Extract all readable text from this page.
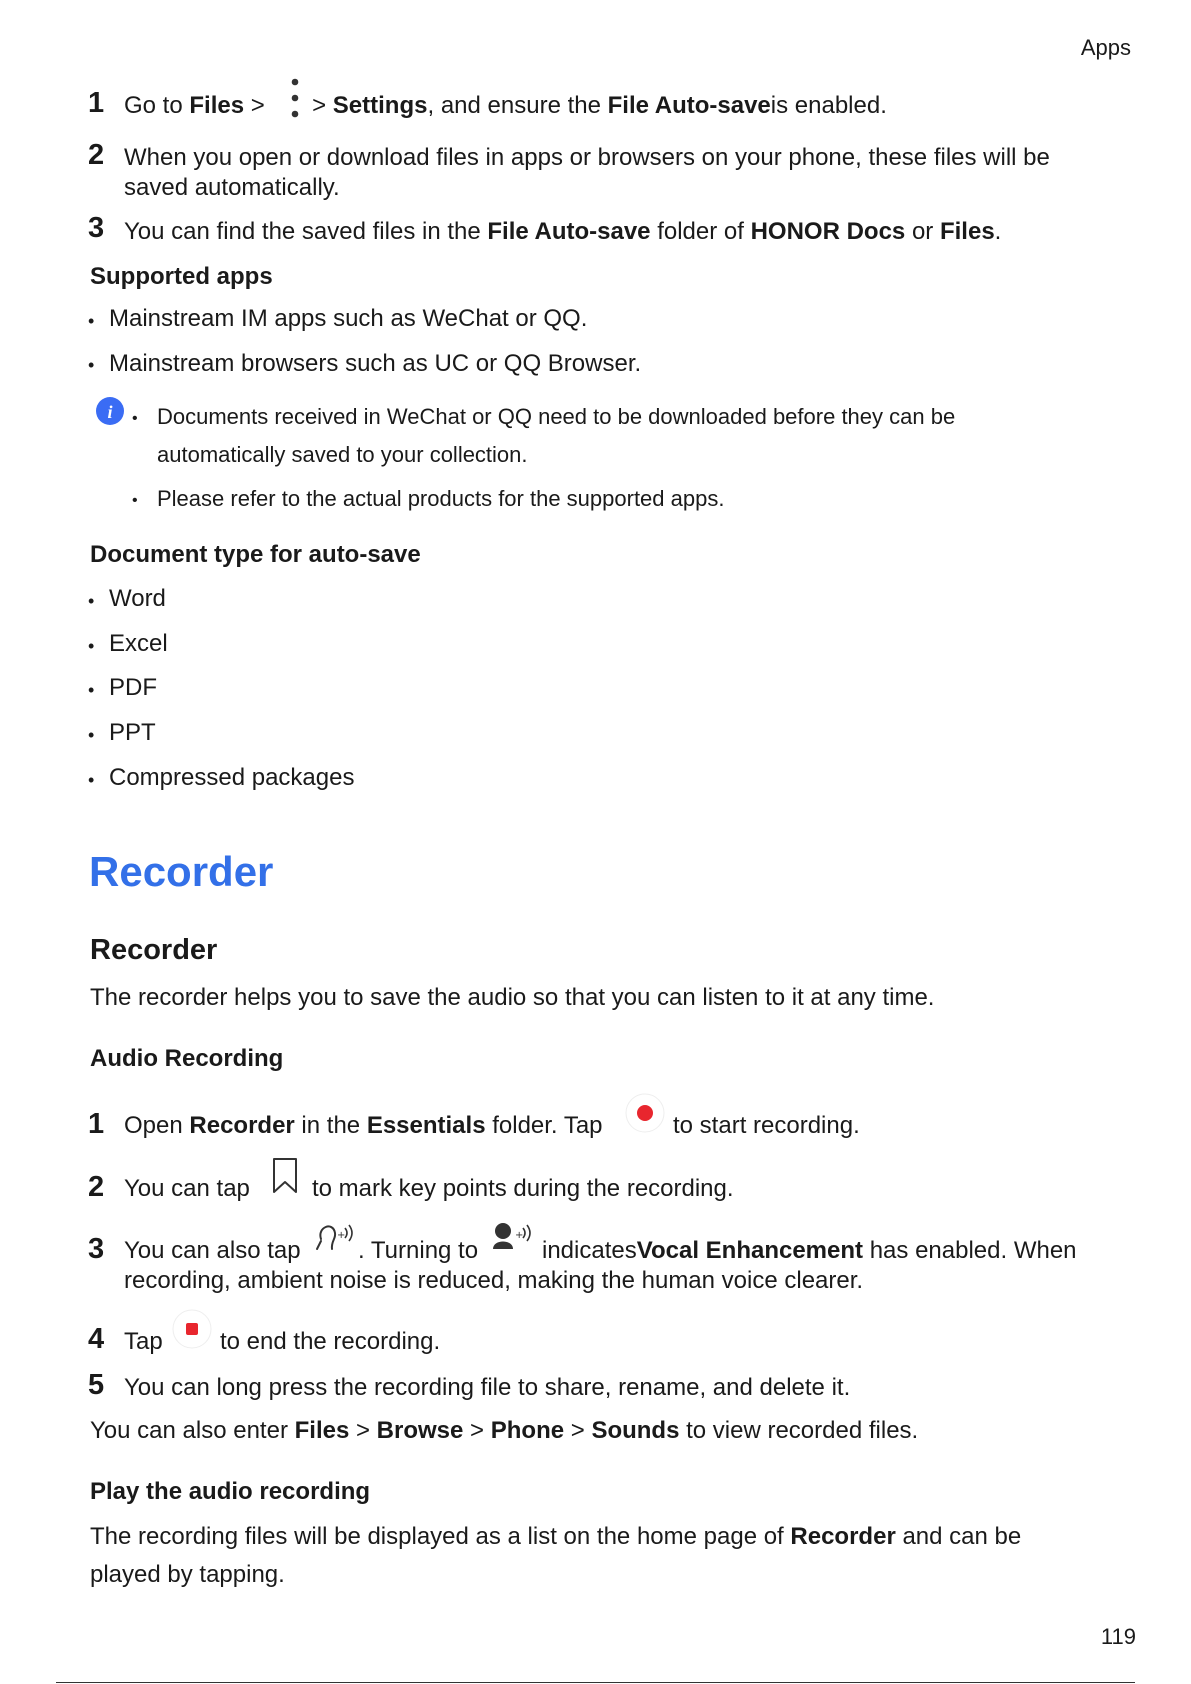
Apps
1 Go to Files >  > Settings, and ensure the File Auto-saveis enabled.
2 When you open or download files in apps or browsers on your phone, these files will be
saved automatically.
3 You can find the saved files in the File Auto-save folder of HONOR Docs or Files.
Supported apps
• Mainstream IM apps such as WeChat or QQ.
• Mainstream browsers such as UC or QQ Browser.
i • Documents received in WeChat or QQ need to be downloaded before they can be
automatically saved to your collection.
• Please refer to the actual products for the supported apps.
Document type for auto-save
• Word
• Excel
• PDF
• PPT
• Compressed packages
Recorder
Recorder
The recorder helps you to save the audio so that you can listen to it at any time.
Audio Recording
1 Open Recorder in the Essentials folder. Tap	to start recording.
2 You can tap	to mark key points during the recording.
3 You can also tap
+
. Turning to
+
indicatesVocal Enhancement has enabled. When
recording, ambient noise is reduced, making the human voice clearer.
4 Tap to end the recording.
5 You can long press the recording file to share, rename, and delete it.
You can also enter Files > Browse > Phone > Sounds to view recorded files.
Play the audio recording
The recording files will be displayed as a list on the home page of Recorder and can be
played by tapping.
119
